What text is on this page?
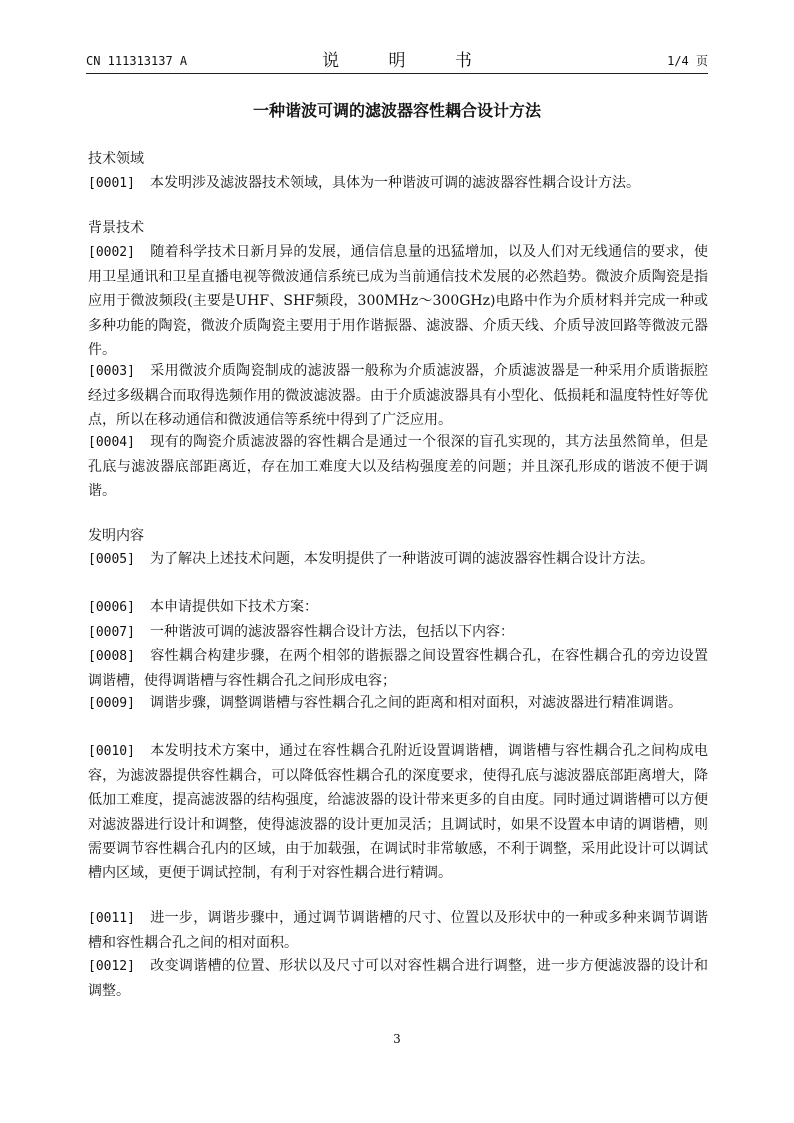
CN 111313137 A	说 明 书	1/4 页
一种谐波可调的滤波器容性耦合设计方法
技术领域
[0001] 本发明涉及滤波器技术领域，具体为一种谐波可调的滤波器容性耦合设计方法。
背景技术
[0002] 随着科学技术日新月异的发展，通信信息量的迅猛增加，以及人们对无线通信的要求，使用卫星通讯和卫星直播电视等微波通信系统已成为当前通信技术发展的必然趋势。微波介质陶瓷是指应用于微波频段(主要是UHF、SHF频段，300MHz～300GHz)电路中作为介质材料并完成一种或多种功能的陶瓷，微波介质陶瓷主要用于用作谐振器、滤波器、介质天线、介质导波回路等微波元器件。
[0003] 采用微波介质陶瓷制成的滤波器一般称为介质滤波器，介质滤波器是一种采用介质谐振腔经过多级耦合而取得选频作用的微波滤波器。由于介质滤波器具有小型化、低损耗和温度特性好等优点，所以在移动通信和微波通信等系统中得到了广泛应用。
[0004] 现有的陶瓷介质滤波器的容性耦合是通过一个很深的盲孔实现的，其方法虽然简单，但是孔底与滤波器底部距离近，存在加工难度大以及结构强度差的问题；并且深孔形成的谐波不便于调谐。
发明内容
[0005] 为了解决上述技术问题，本发明提供了一种谐波可调的滤波器容性耦合设计方法。
[0006] 本申请提供如下技术方案：
[0007] 一种谐波可调的滤波器容性耦合设计方法，包括以下内容：
[0008] 容性耦合构建步骤，在两个相邻的谐振器之间设置容性耦合孔，在容性耦合孔的旁边设置调谐槽，使得调谐槽与容性耦合孔之间形成电容；
[0009] 调谐步骤，调整调谐槽与容性耦合孔之间的距离和相对面积，对滤波器进行精准调谐。
[0010] 本发明技术方案中，通过在容性耦合孔附近设置调谐槽，调谐槽与容性耦合孔之间构成电容，为滤波器提供容性耦合，可以降低容性耦合孔的深度要求，使得孔底与滤波器底部距离增大，降低加工难度，提高滤波器的结构强度，给滤波器的设计带来更多的自由度。同时通过调谐槽可以方便对滤波器进行设计和调整，使得滤波器的设计更加灵活；且调试时，如果不设置本申请的调谐槽，则需要调节容性耦合孔内的区域，由于加载强，在调试时非常敏感，不利于调整，采用此设计可以调试槽内区域，更便于调试控制，有利于对容性耦合进行精调。
[0011] 进一步，调谐步骤中，通过调节调谐槽的尺寸、位置以及形状中的一种或多种来调节调谐槽和容性耦合孔之间的相对面积。
[0012] 改变调谐槽的位置、形状以及尺寸可以对容性耦合进行调整，进一步方便滤波器的设计和调整。
3
